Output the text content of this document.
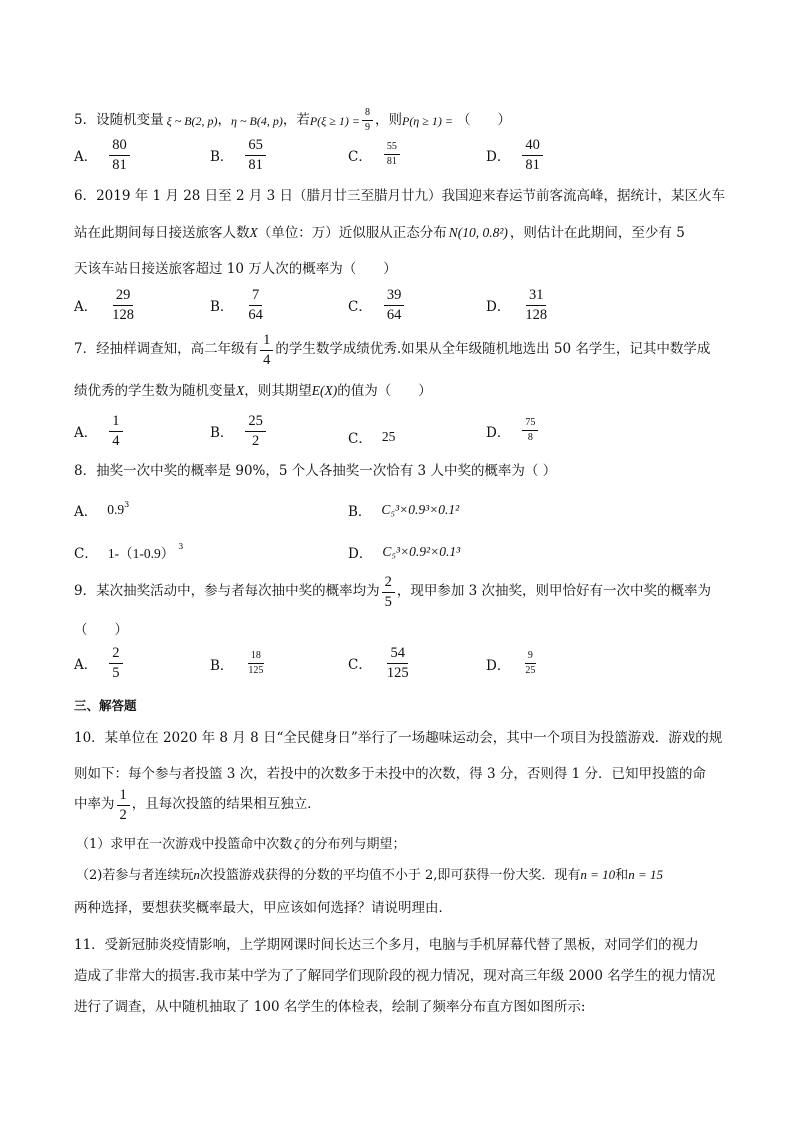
5．设随机变量 ξ ~ B(2, p) ， η ~ B(4, p) ，若 $P(\xi \ge 1) = \frac{8}{9}$ ，则 P(η ≥ 1) = （　　）
A． $\frac{80}{81}$	B． $\frac{65}{81}$	C． $\frac{55}{81}$	D． $\frac{40}{81}$
6．2019 年 1 月 28 日至 2 月 3 日（腊月廿三至腊月廿九）我国迎来春运节前客流高峰，据统计，某区火车
站在此期间每日接送旅客人数X（单位：万）近似服从正态分布 N(10, 0.8²) ，则估计在此期间，至少有 5
天该车站日接送旅客超过 10 万人次的概率为（　　）
A． $\frac{29}{128}$	B． $\frac{7}{64}$	C． $\frac{39}{64}$	D． $\frac{31}{128}$
7．经抽样调查知，高二年级有 $\frac{1}{4}$ 的学生数学成绩优秀.如果从全年级随机地选出 50 名学生，记其中数学成
绩优秀的学生数为随机变量X，则其期望E(X)的值为（　　）
A． $\frac{1}{4}$	B． $\frac{25}{2}$	C． 25	D． $\frac{75}{8}$
8．抽奖一次中奖的概率是 90%，5 个人各抽奖一次恰有 3 人中奖的概率为（ ）
A． 0.9 3	B． C₅³×0.9³×0.1²
C． 1-（1-0.9） 3	D． C₅³×0.9²×0.1³
9．某次抽奖活动中，参与者每次抽中奖的概率均为 $\frac{2}{5}$ ，现甲参加 3 次抽奖，则甲恰好有一次中奖的概率为
（　　）
A． $\frac{2}{5}$	B． $\frac{18}{125}$	C． $\frac{54}{125}$	D． $\frac{9}{25}$
三、解答题
10．某单位在 2020 年 8 月 8 日“全民健身日”举行了一场趣味运动会，其中一个项目为投篮游戏．游戏的规
则如下：每个参与者投篮 3 次，若投中的次数多于未投中的次数，得 3 分，否则得 1 分．已知甲投篮的命
中率为 $\frac{1}{2}$ ，且每次投篮的结果相互独立．
（1）求甲在一次游戏中投篮命中次数 ζ 的分布列与期望；
（2)若参与者连续玩n次投篮游戏获得的分数的平均值不小于 2,即可获得一份大奖．现有n = 10和n = 15
两种选择，要想获奖概率最大，甲应该如何选择？请说明理由．
11．受新冠肺炎疫情影响，上学期网课时间长达三个多月，电脑与手机屏幕代替了黑板，对同学们的视力
造成了非常大的损害.我市某中学为了了解同学们现阶段的视力情况，现对高三年级 2000 名学生的视力情况
进行了调查，从中随机抽取了 100 名学生的体检表，绘制了频率分布直方图如图所示:
